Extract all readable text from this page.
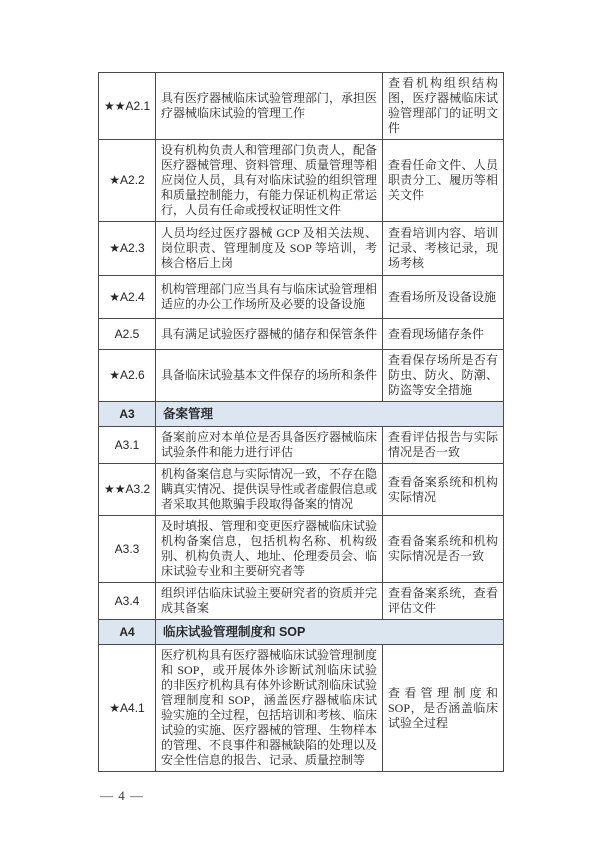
★★A2.1	具有医疗器械临床试验管理部门，承担医疗器械临床试验的管理工作	查看机构组织结构图，医疗器械临床试验管理部门的证明文件
★A2.2	设有机构负责人和管理部门负责人，配备医疗器械管理、资料管理、质量管理等相应岗位人员，具有对临床试验的组织管理和质量控制能力，有能力保证机构正常运行，人员有任命或授权证明性文件	查看任命文件、人员职责分工、履历等相关文件
★A2.3	人员均经过医疗器械 GCP 及相关法规、岗位职责、管理制度及 SOP 等培训，考核合格后上岗	查看培训内容、培训记录、考核记录，现场考核
★A2.4	机构管理部门应当具有与临床试验管理相适应的办公工作场所及必要的设备设施	查看场所及设备设施
A2.5	具有满足试验医疗器械的储存和保管条件	查看现场储存条件
★A2.6	具备临床试验基本文件保存的场所和条件	查看保存场所是否有防虫、防火、防潮、防盗等安全措施
A3	备案管理	
A3.1	备案前应对本单位是否具备医疗器械临床试验条件和能力进行评估	查看评估报告与实际情况是否一致
★★A3.2	机构备案信息与实际情况一致，不存在隐瞒真实情况、提供误导性或者虚假信息或者采取其他欺骗手段取得备案的情况	查看备案系统和机构实际情况
A3.3	及时填报、管理和变更医疗器械临床试验机构备案信息，包括机构名称、机构级别、机构负责人、地址、伦理委员会、临床试验专业和主要研究者等	查看备案系统和机构实际情况是否一致
A3.4	组织评估临床试验主要研究者的资质并完成其备案	查看备案系统，查看评估文件
A4	临床试验管理制度和 SOP	
★A4.1	医疗机构具有医疗器械临床试验管理制度和 SOP，或开展体外诊断试剂临床试验的非医疗机构具有体外诊断试剂临床试验管理制度和 SOP，涵盖医疗器械临床试验实施的全过程，包括培训和考核、临床试验的实施、医疗器械的管理、生物样本的管理、不良事件和器械缺陷的处理以及安全性信息的报告、记录、质量控制等	查看管理制度和 SOP，是否涵盖临床试验全过程
— 4 —
